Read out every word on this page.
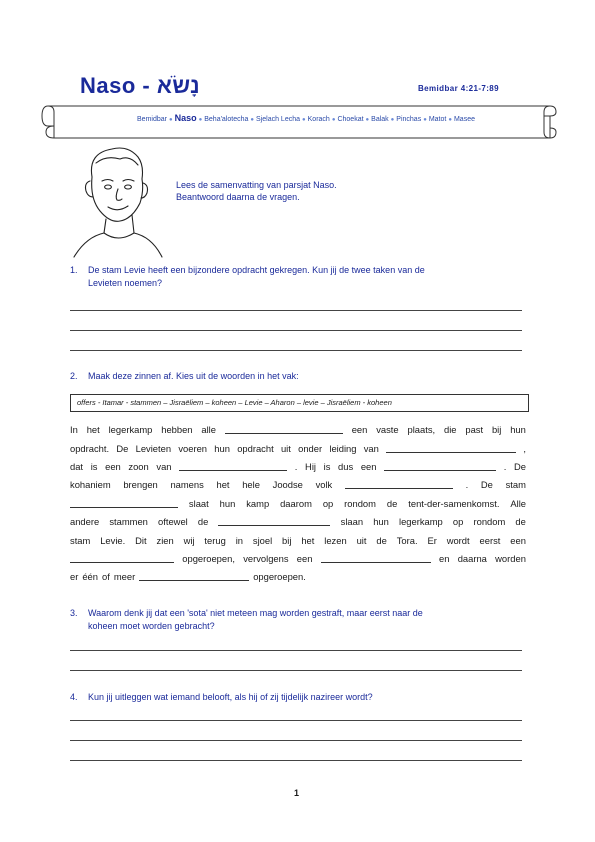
Naso - נָשֹׂא	Bemidbar 4:21-7:89
Bemidbar ● Naso ● Beha'alotecha ● Sjelach Lecha ● Korach ● Choekat ● Balak ● Pinchas ● Matot ● Masee
Lees de samenvatting van parsjat Naso.
Beantwoord daarna de vragen.
1. De stam Levie heeft een bijzondere opdracht gekregen. Kun jij de twee taken van de
Levieten noemen?
2. Maak deze zinnen af. Kies uit de woorden in het vak:
offers - Itamar - stammen – Jisraëliem – koheen – Levie – Aharon – levie – Jisraëliem - koheen
In het legerkamp hebben alle	een vaste plaats, die past bij hun
opdracht. De Levieten voeren hun opdracht uit onder leiding van	,
dat is een zoon van	. Hij is dus een	. De
kohaniem brengen namens het hele Joodse volk	. De stam
slaat hun kamp daarom op rondom de tent-der-samenkomst. Alle
andere stammen oftewel de	slaan hun legerkamp op rondom de
stam Levie. Dit zien wij terug in sjoel bij het lezen uit de Tora. Er wordt eerst een
opgeroepen, vervolgens een	en daarna worden
er één of meer	opgeroepen.
3. Waarom denk jij dat een 'sota' niet meteen mag worden gestraft, maar eerst naar de
koheen moet worden gebracht?
4. Kun jij uitleggen wat iemand belooft, als hij of zij tijdelijk nazireer wordt?
1
